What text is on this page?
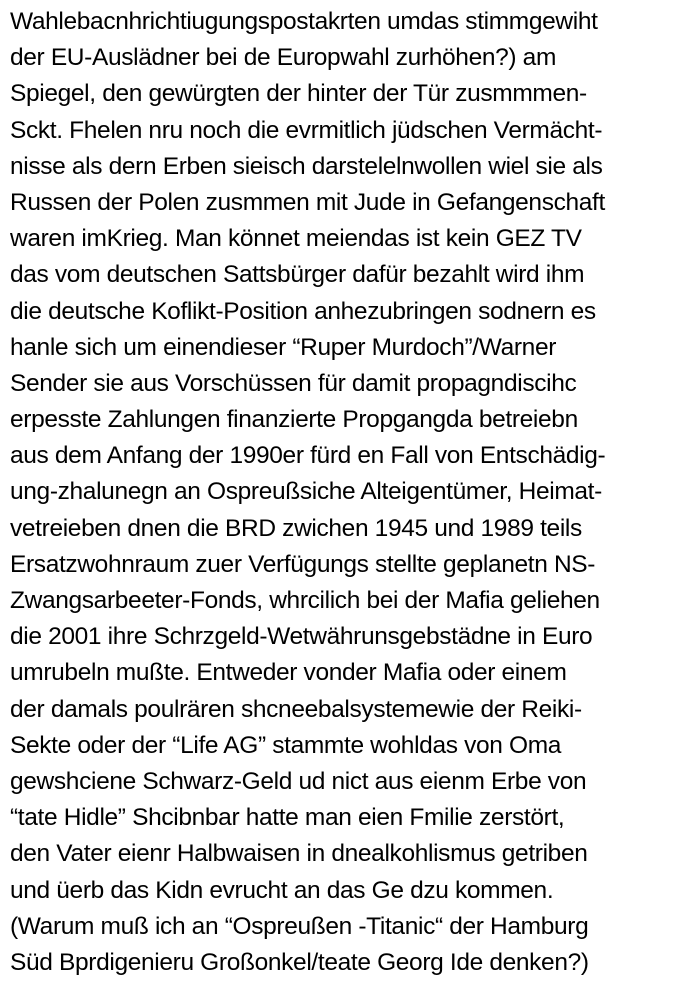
Wahlebacnhrichtiugungspostakrten umdas stimmgewiht
der EU-Auslädner bei de Europwahl zurhöhen?) am
Spiegel, den gewürgten der hinter der Tür zusmmmen-
Sckt. Fhelen nru noch die evrmitlich jüdschen Vermächt-
nisse als dern Erben sieisch darstelelnwollen wiel sie als
Russen der Polen zusmmen mit Jude in Gefangenschaft
waren imKrieg. Man könnet meiendas ist kein GEZ TV
das vom deutschen Sattsbürger dafür bezahlt wird ihm
die deutsche Koflikt-Position anhezubringen sodnern es
hanle sich um einendieser “Ruper Murdoch”/Warner
Sender sie aus Vorschüssen für damit propagndiscihc
erpesste Zahlungen finanzierte Propgangda betreiebn
aus dem Anfang der 1990er fürd en Fall von Entschädig-
ung-zhalunegn an Ospreußsiche Alteigentümer, Heimat-
vetreieben dnen die BRD zwichen 1945 und 1989 teils
Ersatzwohnraum zuer Verfügungs stellte geplanetn NS-
Zwangsarbeeter-Fonds, whrcilich bei der Mafia geliehen
die 2001 ihre Schrzgeld-Wetwährunsgebstädne in Euro
umrubeln mußte. Entweder vonder Mafia oder einem
der damals poulrären shcneebalsystemewie der Reiki-
Sekte oder der “Life AG” stammte wohldas von Oma
gewshciene Schwarz-Geld ud nict aus eienm Erbe von
“tate Hidle” Shcibnbar hatte man eien Fmilie zerstört,
den Vater eienr Halbwaisen in dnealkohlismus getriben
und üerb das Kidn evrucht an das Ge dzu kommen.
(Warum muß ich an “Ospreußen -Titanic“ der Hamburg
Süd Bprdigenieru Großonkel/teate Georg Ide denken?)
